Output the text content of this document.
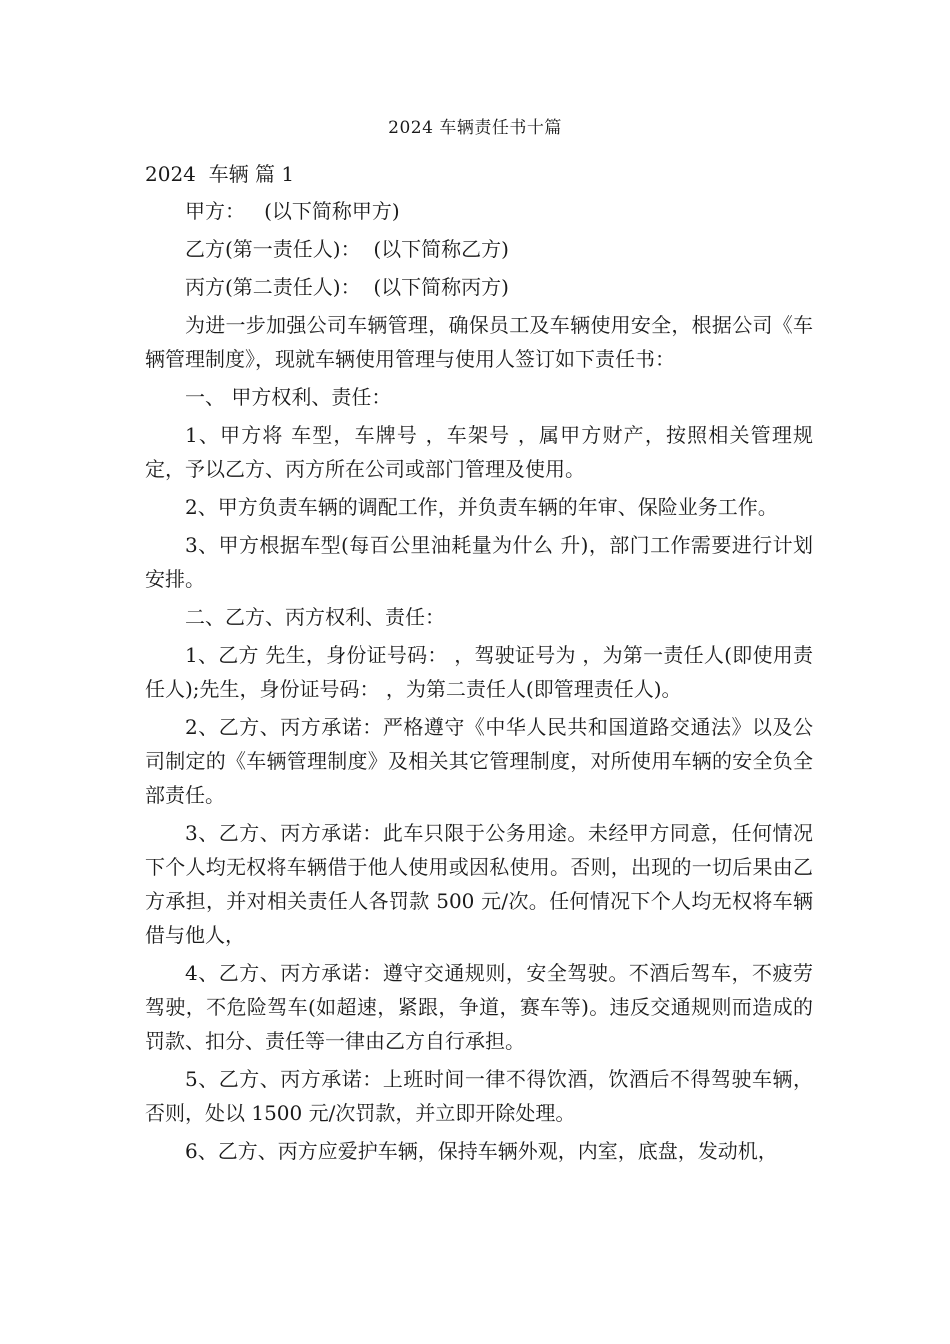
2024 车辆责任书十篇
2024  车辆 篇 1

甲方：   (以下简称甲方)

乙方(第一责任人)：  (以下简称乙方)

丙方(第二责任人)：  (以下简称丙方)

为进一步加强公司车辆管理，确保员工及车辆使用安全，根据公司《车辆管理制度》，现就车辆使用管理与使用人签订如下责任书：

一、 甲方权利、责任：

1、甲方将 车型，车牌号 ，车架号 ，属甲方财产，按照相关管理规定，予以乙方、丙方所在公司或部门管理及使用。

2、甲方负责车辆的调配工作，并负责车辆的年审、保险业务工作。

3、甲方根据车型(每百公里油耗量为什么 升)，部门工作需要进行计划安排。

二、乙方、丙方权利、责任：

1、乙方 先生，身份证号码： ，驾驶证号为 ，为第一责任人(即使用责任人);先生，身份证号码： ，为第二责任人(即管理责任人)。

2、乙方、丙方承诺：严格遵守《中华人民共和国道路交通法》以及公司制定的《车辆管理制度》及相关其它管理制度，对所使用车辆的安全负全部责任。

3、乙方、丙方承诺：此车只限于公务用途。未经甲方同意，任何情况下个人均无权将车辆借于他人使用或因私使用。否则，出现的一切后果由乙方承担，并对相关责任人各罚款 500 元/次。任何情况下个人均无权将车辆借与他人，

4、乙方、丙方承诺：遵守交通规则，安全驾驶。不酒后驾车，不疲劳驾驶，不危险驾车(如超速，紧跟，争道，赛车等)。违反交通规则而造成的罚款、扣分、责任等一律由乙方自行承担。

5、乙方、丙方承诺：上班时间一律不得饮酒，饮酒后不得驾驶车辆，否则，处以 1500 元/次罚款，并立即开除处理。

6、乙方、丙方应爱护车辆，保持车辆外观，内室，底盘，发动机，
